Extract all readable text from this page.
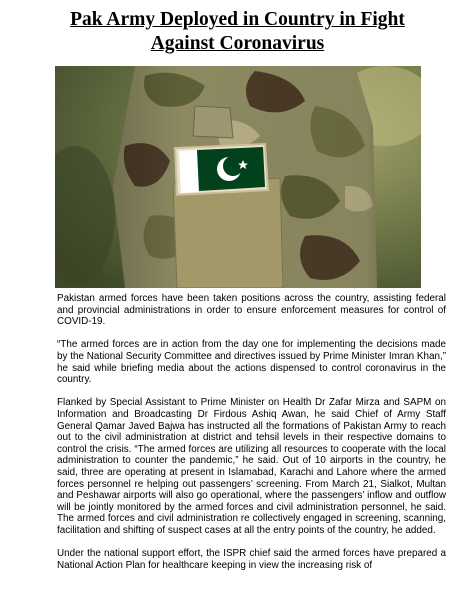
Pak Army Deployed in Country in Fight Against Coronavirus

Pakistan armed forces have been taken positions across the country, assisting federal and provincial administrations in order to ensure enforcement measures for control of COVID-19.

“The armed forces are in action from the day one for implementing the decisions made by the National Security Committee and directives issued by Prime Minister Imran Khan,” he said while briefing media about the actions dispensed to control coronavirus in the country.

Flanked by Special Assistant to Prime Minister on Health Dr Zafar Mirza and SAPM on Information and Broadcasting Dr Firdous Ashiq Awan, he said Chief of Army Staff General Qamar Javed Bajwa has instructed all the formations of Pakistan Army to reach out to the civil administration at district and tehsil levels in their respective domains to control the crisis. “The armed forces are utilizing all resources to cooperate with the local administration to counter the pandemic,” he said. Out of 10 airports in the country, he said, three are operating at present in Islamabad, Karachi and Lahore where the armed forces personnel re helping out passengers’ screening. From March 21, Sialkot, Multan and Peshawar airports will also go operational, where the passengers’ inflow and outflow will be jointly monitored by the armed forces and civil administration personnel, he said. The armed forces and civil administration re collectively engaged in screening, scanning, facilitation and shifting of suspect cases at all the entry points of the country, he added.

Under the national support effort, the ISPR chief said the armed forces have prepared a National Action Plan for healthcare keeping in view the increasing risk of
